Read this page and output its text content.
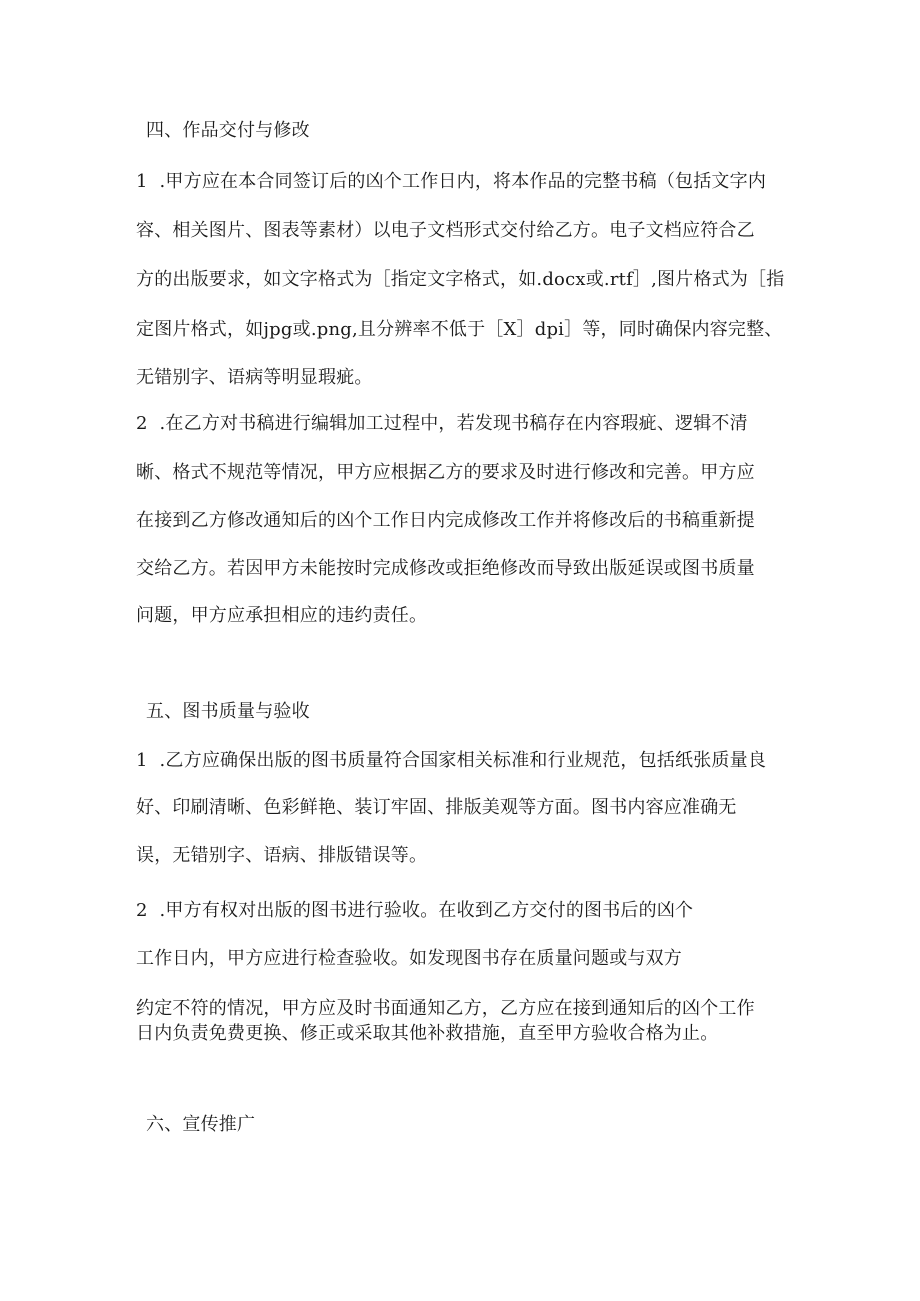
四、作品交付与修改
1  .甲方应在本合同签订后的凶个工作日内，将本作品的完整书稿（包括文字内
容、相关图片、图表等素材）以电子文档形式交付给乙方。电子文档应符合乙
方的出版要求，如文字格式为［指定文字格式，如.docx或.rtf］,图片格式为［指
定图片格式，如jpg或.png,且分辨率不低于［X］dpi］等，同时确保内容完整、
无错别字、语病等明显瑕疵。
2  .在乙方对书稿进行编辑加工过程中，若发现书稿存在内容瑕疵、逻辑不清
晰、格式不规范等情况，甲方应根据乙方的要求及时进行修改和完善。甲方应
在接到乙方修改通知后的凶个工作日内完成修改工作并将修改后的书稿重新提
交给乙方。若因甲方未能按时完成修改或拒绝修改而导致出版延误或图书质量
问题，甲方应承担相应的违约责任。
五、图书质量与验收
1  .乙方应确保出版的图书质量符合国家相关标准和行业规范，包括纸张质量良
好、印刷清晰、色彩鲜艳、装订牢固、排版美观等方面。图书内容应准确无
误，无错别字、语病、排版错误等。
2  .甲方有权对出版的图书进行验收。在收到乙方交付的图书后的凶个
工作日内，甲方应进行检查验收。如发现图书存在质量问题或与双方
约定不符的情况，甲方应及时书面通知乙方，乙方应在接到通知后的凶个工作
日内负责免费更换、修正或采取其他补救措施，直至甲方验收合格为止。
六、宣传推广
